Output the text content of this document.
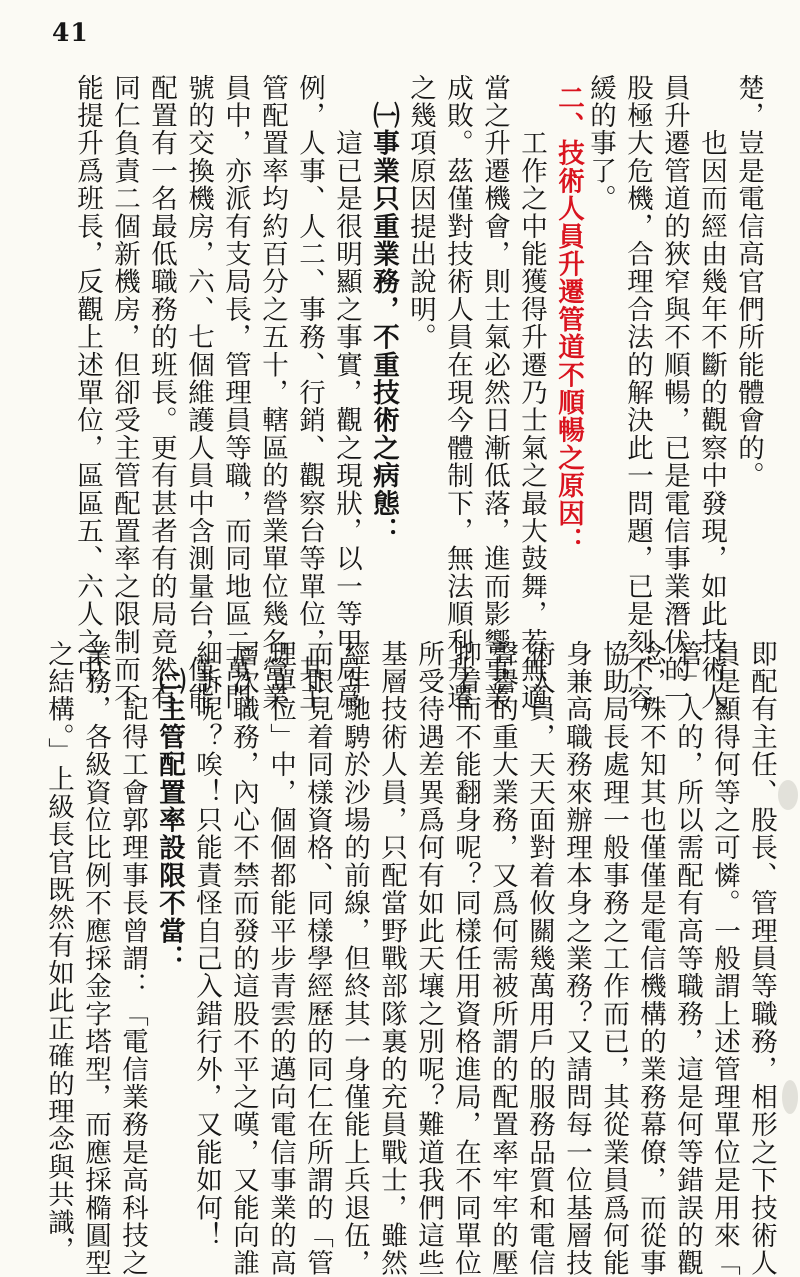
41
楚，豈是電信高官們所能體會的。
　　也因而經由幾年不斷的觀察中發現，如此技術人
員升遷管道的狹窄與不順暢，已是電信事業潛伏的一
股極大危機，合理合法的解決此一問題，已是刻不容
緩的事了。
二、技術人員升遷管道不順暢之原因：
　　工作之中能獲得升遷乃士氣之最大鼓舞，若無適
當之升遷機會，則士氣必然日漸低落，進而影響事業
成敗。茲僅對技術人員在現今體制下，無法順利升遷
之幾項原因提出說明。
　㈠事業只重業務，不重技術之病態：
　　這已是很明顯之事實，觀之現狀，以一等甲局爲
例，人事、人二、事務、行銷、觀察台等單位，其主
管配置率均約百分之五十，轄區的營業單位幾名營業
員中，亦派有支局長，管理員等職，而同地區二萬門
號的交換機房，六、七個維護人員中含測量台，僅能
配置有一名最低職務的班長。更有甚者有的局竟然有
同仁負責二個新機房，但卻受主管配置率之限制而不
能提升爲班長，反觀上述單位，區區五、六人之中，
即配有主任、股長、管理員等職務，相形之下技術人
員是顯得何等之可憐。一般謂上述管理單位是用來「
管」人的，所以需配有高等職務，這是何等錯誤的觀
念，殊不知其也僅僅是電信機構的業務幕僚，而從事
協助局長處理一般事務之工作而已，其從業員爲何能
身兼高職務來辦理本身之業務？又請問每一位基層技
術人員，天天面對着攸關幾萬用戶的服務品質和電信
聲譽的重大業務，又爲何需被所謂的配置率牢牢的壓
抑着而不能翻身呢？同樣任用資格進局，在不同單位
所受待遇差異爲何有如此天壤之別呢？難道我們這些
基層技術人員，只配當野戰部隊裏的充員戰士，雖然
經年馳騁於沙場的前線，但終其一身僅能上兵退伍，
而眼見着同樣資格、同樣學經歷的同仁在所謂的「管
理單位」中，個個都能平步青雲的邁向電信事業的高
層次職務，內心不禁而發的這股不平之嘆，又能向誰
細訴呢？唉！只能責怪自己入錯行外，又能如何！
　㈡主管配置率設限不當：
　　記得工會郭理事長曾謂：「電信業務是高科技之
業務，各級資位比例不應採金字塔型，而應採橢圓型
之結構。」上級長官既然有如此正確的理念與共識，
